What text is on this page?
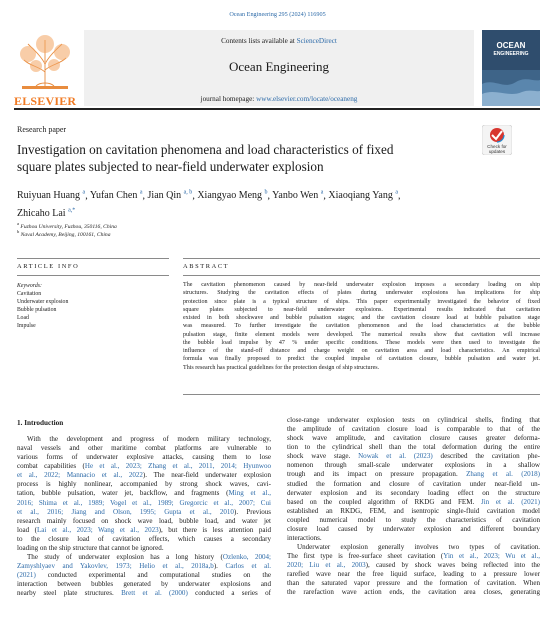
Ocean Engineering 295 (2024) 116905
ELSEVIER
Contents lists available at ScienceDirect
Ocean Engineering
journal homepage: www.elsevier.com/locate/oceaneng
OCEAN
ENGINEERING
Research paper
Investigation on cavitation phenomena and load characteristics of fixed
square plates subjected to near-field underwater explosion
Check for
updates
Ruiyuan Huang $^a$, Yufan Chen $^a$, Jian Qin $^{a, b}$, Xiangyao Meng $^b$, Yanbo Wen $^a$, Xiaoqiang Yang $^a$,
Zhicaho Lai $^{a,*}$
$^a$ Fuzhou University, Fuzhou, 350116, China
$^b$ Naval Academy, Beijing, 100161, China
ARTICLE INFO	ABSTRACT
Keywords:
Cavitation
Underwater explosion
Bubble pulsation
Load
Impulse
The cavitation phenomenon caused by near-field underwater explosion imposes a secondary loading on ship
structures. Studying the cavitation effects of plates during underwater explosions has implications for ship
protection since plate is a typical structure of ships. This paper experimentally investigated the behavior of fixed
square plates subjected to near-field underwater explosions. Experimental results indicated that cavitation
existed in both shockwave and bubble pulsation stages; and the cavitation closure load at bubble pulsation stage
was measured. To further investigate the cavitation phenomenon and the load characteristics at the bubble
pulsation stage, finite element models were developed. The numerical results show that cavitation will increase
the bubble load impulse by 47 % under specific conditions. These models were then used to investigate the
influence of the stand-off distance and charge weight on cavitation area and load characteristics. An empirical
formula was finally proposed to predict the coupled impulse of cavitation closure, bubble pulsation and water jet.
This research has practical guidelines for the protection design of ship structures.
1. Introduction
With the development and progress of modern military technology,
naval vessels and other maritime combat platforms are vulnerable to
various forms of underwater explosive attacks, causing them to lose
combat capabilities (He et al., 2023; Zhang et al., 2011, 2014; Hyunwoo
et al., 2022; Mannacio et al., 2022). The near-field underwater explosion
process is highly nonlinear, accompanied by strong shock waves, cavi-
tation, bubble pulsation, water jet, backflow, and fragments (Ming et al.,
2016; Shima et al., 1989; Vogel et al., 1989; Gregorcic et al., 2007; Cui
et al., 2016; Jiang and Olson, 1995; Gupta et al., 2010). Previous
research mainly focused on shock wave load, bubble load, and water jet
load (Lai et al., 2023; Wang et al., 2023), but there is less attention paid
to the closure load of cavitation effects, which causes a secondary
loading on the ship structure that cannot be ignored.
The study of underwater explosion has a long history (Ozlenko, 2004;
Zamyshlyaev and Yakovlev, 1973; Helio et al., 2018a,b). Carlos et al.
(2021) conducted experimental and computational studies on the
interaction between bubbles generated by underwater explosions and
nearby steel plate structures. Brett et al. (2000) conducted a series of
close-range underwater explosion tests on cylindrical shells, finding that
the amplitude of cavitation closure load is comparable to that of the
shock wave amplitude, and cavitation closure causes greater deforma-
tion to the cylindrical shell than the total deformation during the entire
shock wave stage. Nowak et al. (2023) described the cavitation phe-
nomenon through small-scale underwater explosions in a shallow
trough and its impact on pressure propagation. Zhang et al. (2018)
studied the formation and closure of cavitation under near-field un-
derwater explosion and its secondary loading effect on the structure
based on the coupled algorithm of RKDG and FEM. Jin et al. (2021)
established an RKDG, FEM, and isentropic single-fluid cavitation model
coupled numerical model to study the characteristics of cavitation
closure load caused by underwater explosion and different boundary
interactions.
Underwater explosion generally involves two types of cavitation.
The first type is free-surface sheet cavitation (Yin et al., 2023; Wu et al.,
2020; Liu et al., 2003), caused by shock waves being reflected into the
rarefied wave near the free liquid surface, leading to a pressure lower
than the saturated vapor pressure and the formation of cavitation. When
the rarefaction wave action ends, the cavitation area closes, generating
